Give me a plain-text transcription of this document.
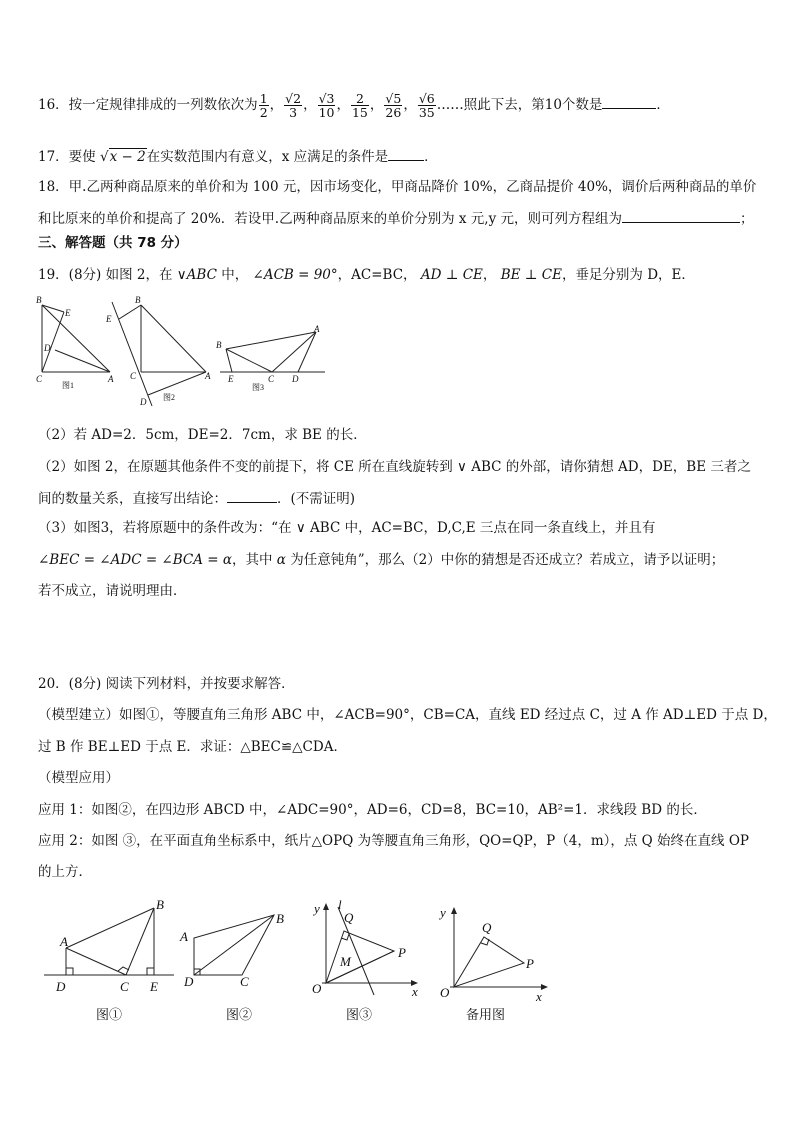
16．按一定规律排成的一列数依次为 $\frac{1}{2}$ ， $\frac{√2}{3}$ ， $\frac{√3}{10}$ ， $\frac{2}{15}$ ， $\frac{√5}{26}$ ， $\frac{√6}{35}$ ……照此下去，第10个数是	．
17．要使 √x − 2在实数范围内有意义，x 应满足的条件是	．
18．甲.乙两种商品原来的单价和为 100 元，因市场变化，甲商品降价 10%，乙商品提价 40%，调价后两种商品的单价
和比原来的单价和提高了 20%．若设甲.乙两种商品原来的单价分别为 x 元,y 元，则可列方程组为	；
三、解答题（共 78 分）
19．(8分) 如图 2，在 ∨ABC 中， ∠ACB = 90°，AC=BC， AD ⊥ CE， BE ⊥ CE，垂足分别为 D，E．
B
E
D
C	A
B
E
C	A
D
B
A
E	C D
图1
图2
图3
（2）若 AD=2．5cm，DE=2．7cm，求 BE 的长．
（2）如图 2，在原题其他条件不变的前提下，将 CE 所在直线旋转到 ∨ ABC 的外部，请你猜想 AD，DE，BE 三者之
间的数量关系，直接写出结论：	．(不需证明)
（3）如图3，若将原题中的条件改为：“在 ∨ ABC 中，AC=BC，D,C,E 三点在同一条直线上，并且有
∠BEC = ∠ADC = ∠BCA = α，其中 α 为任意钝角”，那么（2）中你的猜想是否还成立？若成立，请予以证明；
若不成立，请说明理由．
20．(8分) 阅读下列材料，并按要求解答．
（模型建立）如图①，等腰直角三角形 ABC 中，∠ACB=90°，CB=CA，直线 ED 经过点 C，过 A 作 AD⊥ED 于点 D，
过 B 作 BE⊥ED 于点 E．求证：△BEC≌△CDA．
（模型应用）
应用 1：如图②，在四边形 ABCD 中，∠ADC=90°，AD=6，CD=8，BC=10，AB²=1．求线段 BD 的长．
应用 2：如图 ③，在平面直角坐标系中，纸片△OPQ 为等腰直角三角形，QO=QP，P（4，m），点 Q 始终在直线 OP
的上方．
B
A
D	C E
B
A
D	C
y l
Q
M
P
O	x
y
Q
P
O	x
图①	图②	图③	备用图
